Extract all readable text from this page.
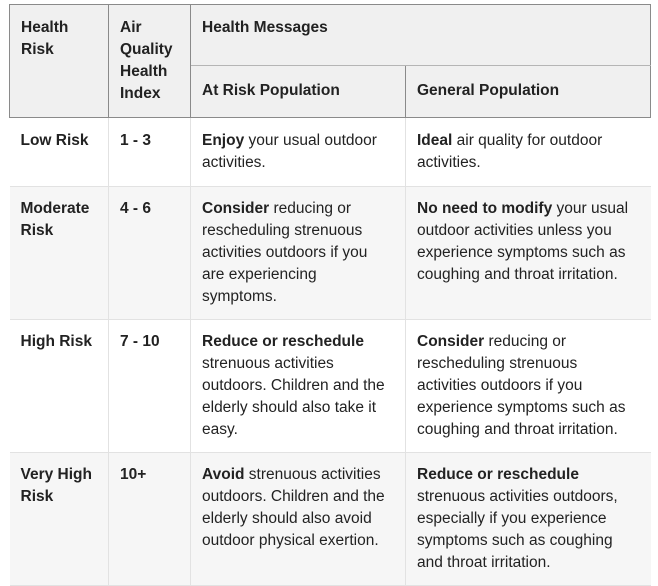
Health Risk	Air Quality Health Index	Health Messages	
		At Risk Population	General Population
Low Risk	1 - 3	Enjoy your usual outdoor activities.	Ideal air quality for outdoor activities.
Moderate Risk	4 - 6	Consider reducing or rescheduling strenuous activities outdoors if you are experiencing symptoms.	No need to modify your usual outdoor activities unless you experience symptoms such as coughing and throat irritation.
High Risk	7 - 10	Reduce or reschedule strenuous activities outdoors. Children and the elderly should also take it easy.	Consider reducing or rescheduling strenuous activities outdoors if you experience symptoms such as coughing and throat irritation.
Very High Risk	10+	Avoid strenuous activities outdoors. Children and the elderly should also avoid outdoor physical exertion.	Reduce or reschedule strenuous activities outdoors, especially if you experience symptoms such as coughing and throat irritation.
